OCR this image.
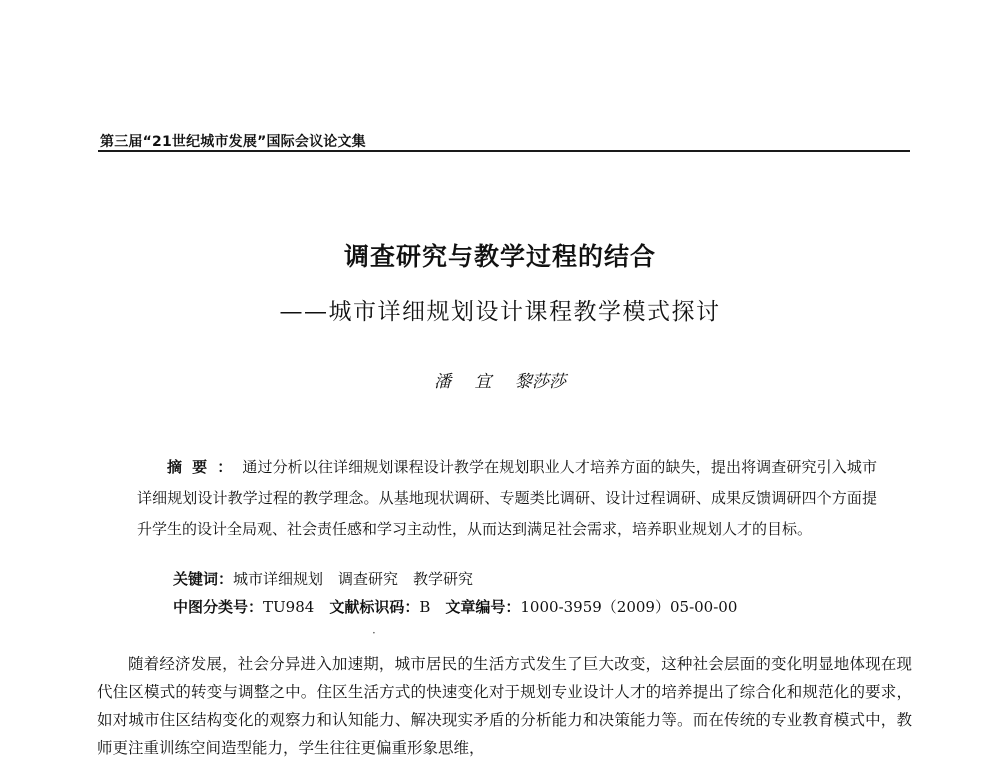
第三届“21世纪城市发展”国际会议论文集
调查研究与教学过程的结合
——城市详细规划设计课程教学模式探讨
潘 宜 黎莎莎
摘要：通过分析以往详细规划课程设计教学在规划职业人才培养方面的缺失，提出将调查研究引入城市详细规划设计教学过程的教学理念。从基地现状调研、专题类比调研、设计过程调研、成果反馈调研四个方面提升学生的设计全局观、社会责任感和学习主动性，从而达到满足社会需求，培养职业规划人才的目标。
关键词：城市详细规划　调查研究　教学研究
中图分类号：TU984　 文献标识码：B　 文章编号：1000-3959（2009）05-00-00
·
随着经济发展，社会分异进入加速期，城市居民的生活方式发生了巨大改变，这种社会层面的变化明显地体现在现代住区模式的转变与调整之中。住区生活方式的快速变化对于规划专业设计人才的培养提出了综合化和规范化的要求，如对城市住区结构变化的观察力和认知能力、解决现实矛盾的分析能力和决策能力等。而在传统的专业教育模式中，教师更注重训练空间造型能力，学生往往更偏重形象思维，
